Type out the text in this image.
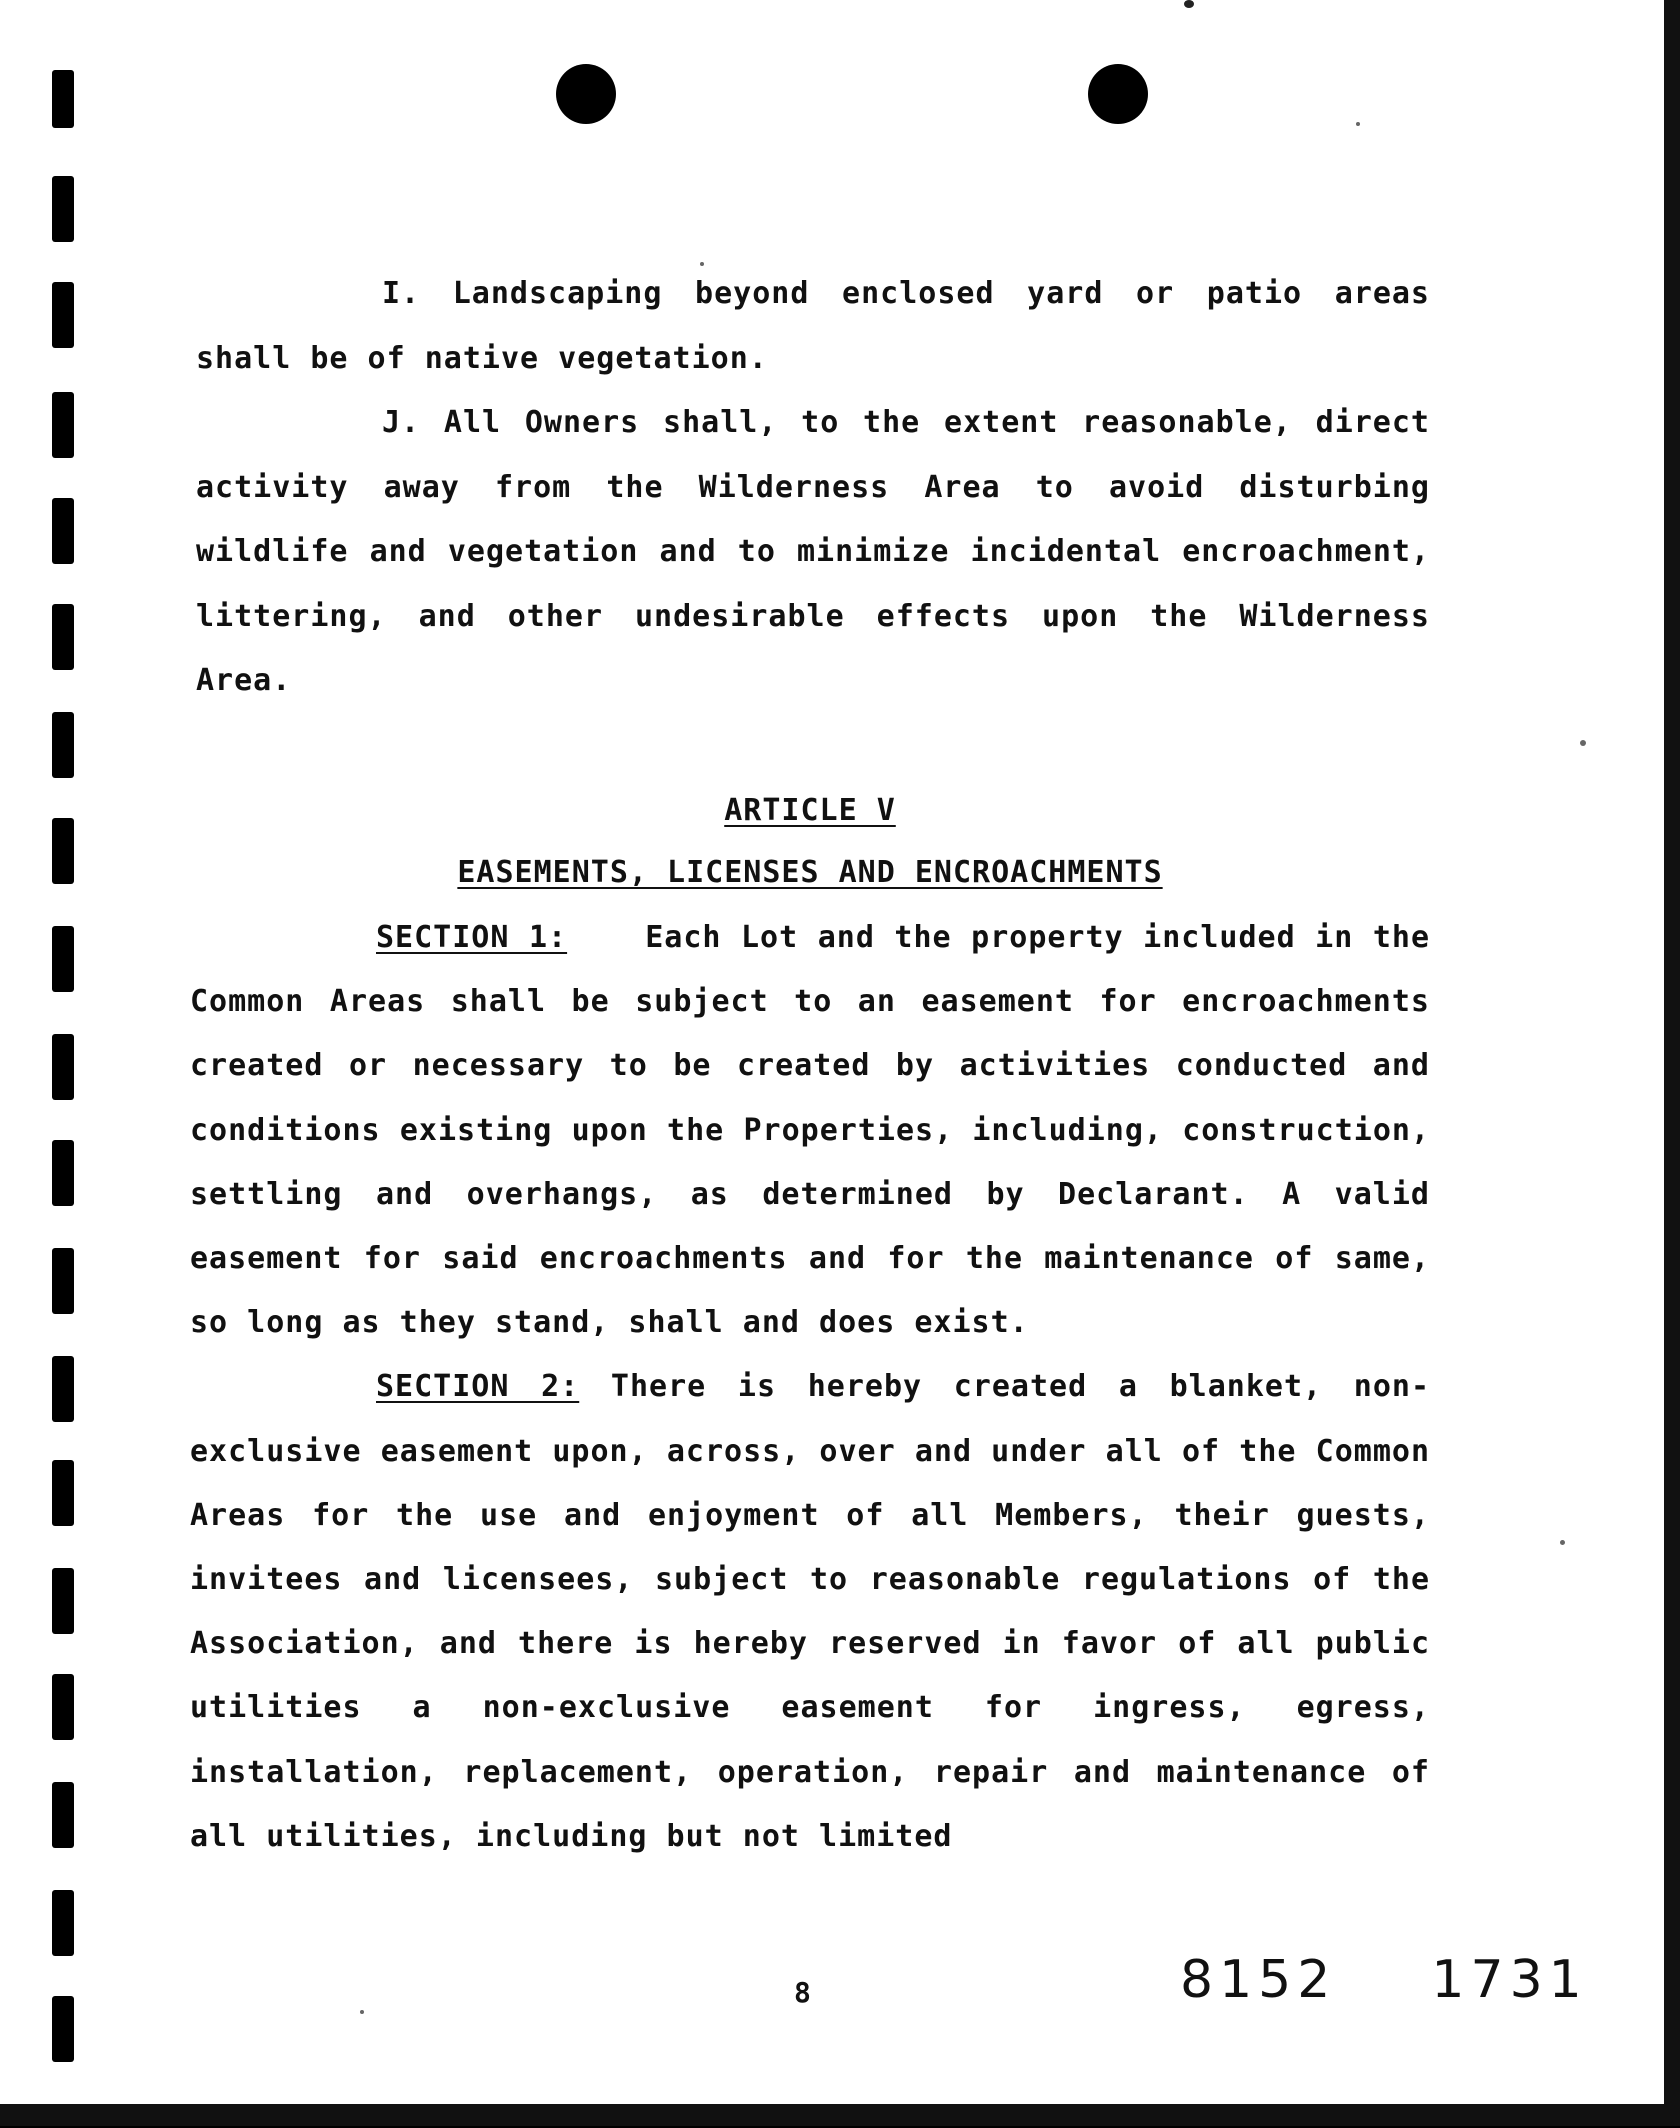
I. Landscaping beyond enclosed yard or patio areas shall be of native vegetation.

J. All Owners shall, to the extent reasonable, direct activity away from the Wilderness Area to avoid disturbing wildlife and vegetation and to minimize incidental encroachment, littering, and other undesirable effects upon the Wilderness Area.

ARTICLE V

EASEMENTS, LICENSES AND ENCROACHMENTS

SECTION 1:	Each Lot and the property included in the Common Areas shall be subject to an easement for encroachments created or necessary to be created by activities conducted and conditions existing upon the Properties, including, construction, settling and overhangs, as determined by Declarant. A valid easement for said encroachments and for the maintenance of same, so long as they stand, shall and does exist.

SECTION 2: There is hereby created a blanket, non-exclusive easement upon, across, over and under all of the Common Areas for the use and enjoyment of all Members, their guests, invitees and licensees, subject to reasonable regulations of the Association, and there is hereby reserved in favor of all public utilities a non-exclusive easement for ingress, egress, installation, replacement, operation, repair and maintenance of all utilities, including but not limited

8	8152 1731
